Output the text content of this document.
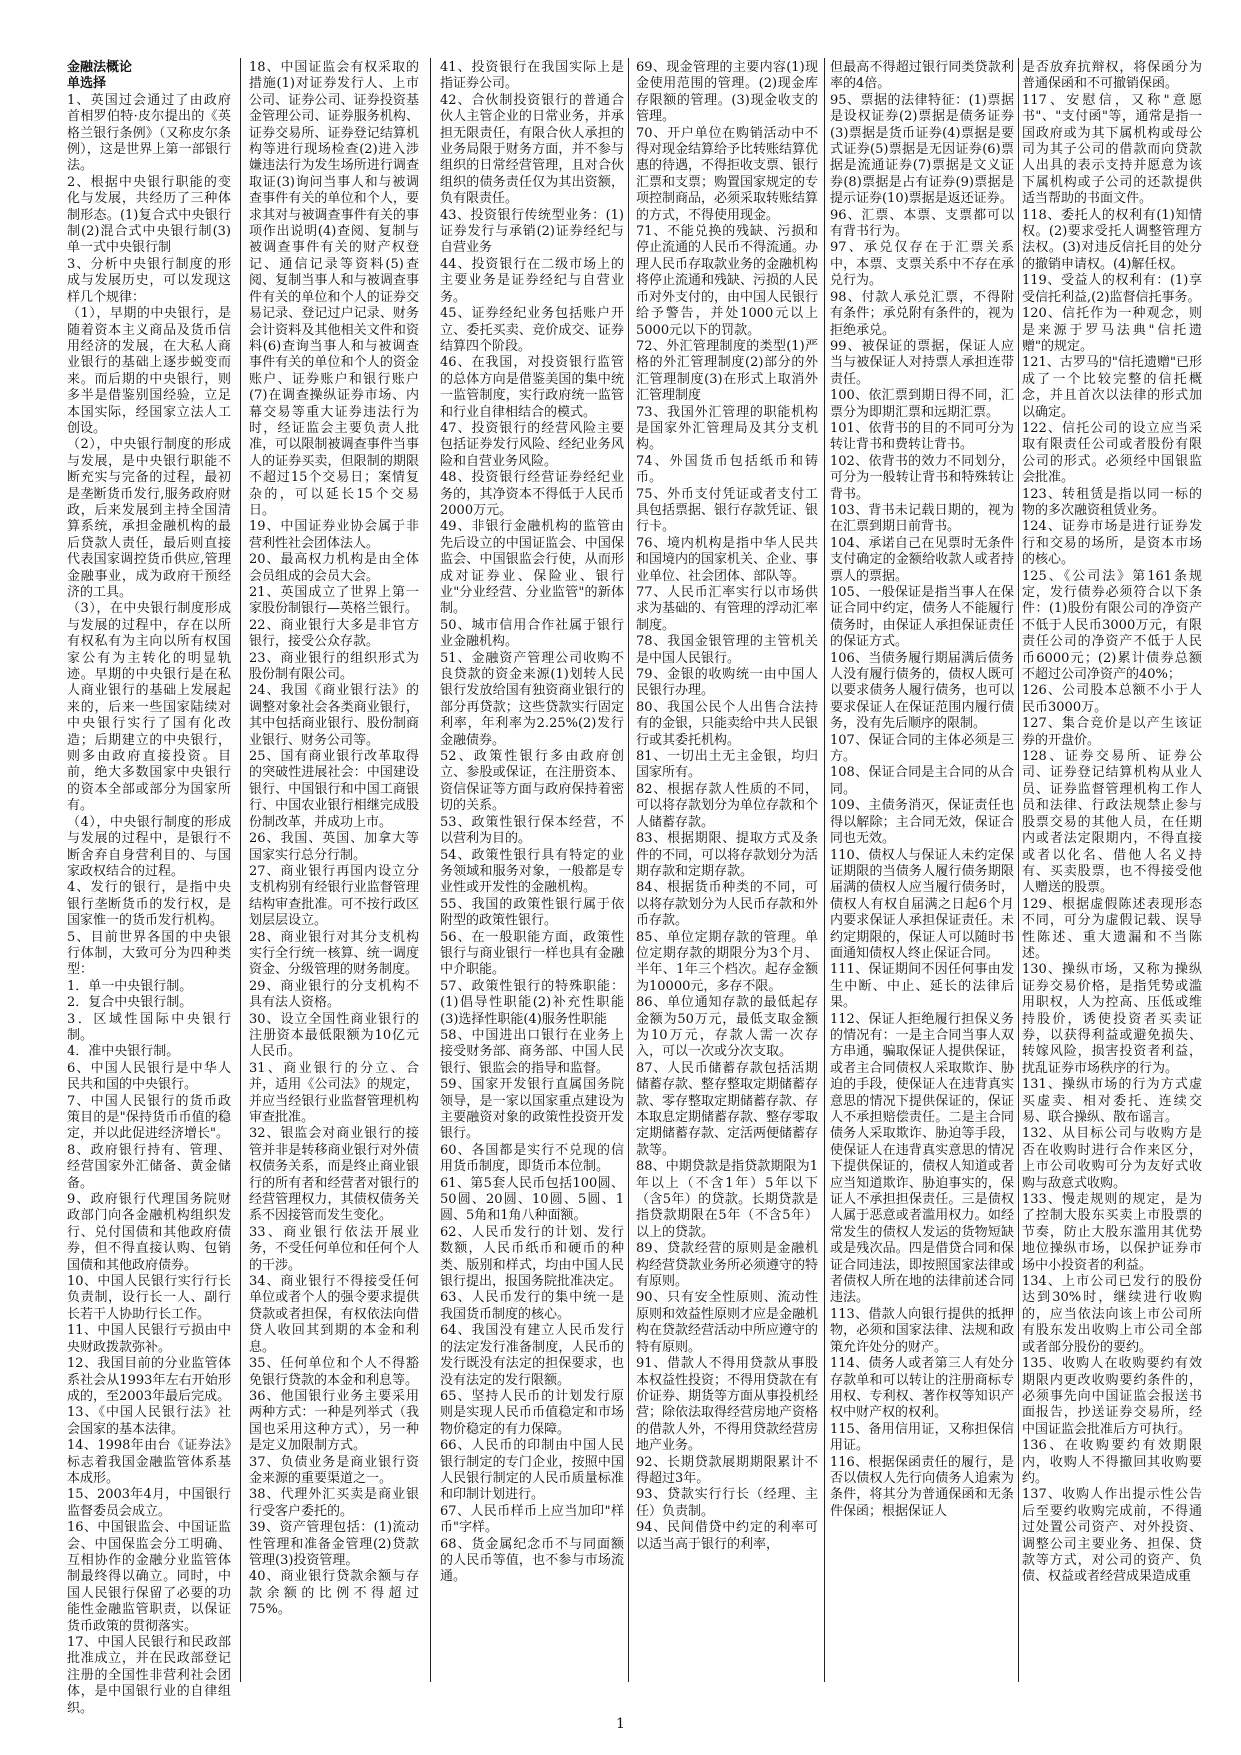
金融法概论

单选择

1、英国过会通过了由政府首相罗伯特·皮尔提出的《英格兰银行条例》（又称皮尔条例），这是世界上第一部银行法。

2、根据中央银行职能的变化与发展，共经历了三种体制形态。(1)复合式中央银行制(2)混合式中央银行制(3)单一式中央银行制

3、分析中央银行制度的形成与发展历史，可以发现这样几个规律：

（1），早期的中央银行，是随着资本主义商品及货币信用经济的发展，在大私人商业银行的基础上逐步蜕变而来。而后期的中央银行，则多半是借鉴别国经验，立足本国实际，经国家立法人工创设。

（2），中央银行制度的形成与发展，是中央银行职能不断充实与完备的过程，最初是垄断货币发行,服务政府财政，后来发展到主持全国清算系统，承担金融机构的最后贷款人责任，最后则直接代表国家调控货币供应,管理金融事业，成为政府干预经济的工具。

（3），在中央银行制度形成与发展的过程中，存在以所有权私有为主向以所有权国家公有为主转化的明显轨迹。早期的中央银行是在私人商业银行的基础上发展起来的，后来一些国家陆续对中央银行实行了国有化改造；后期建立的中央银行，则多由政府直接投资。目前，绝大多数国家中央银行的资本全部或部分为国家所有。

（4），中央银行制度的形成与发展的过程中，是银行不断舍弃自身营利目的、与国家政权结合的过程。

4、发行的银行，是指中央银行垄断货币的发行权，是国家惟一的货币发行机构。

5、目前世界各国的中央银行体制，大致可分为四种类型：

1．单一中央银行制。

2．复合中央银行制。

3．区域性国际中央银行制。

4．准中央银行制。

6、中国人民银行是中华人民共和国的中央银行。

7、中国人民银行的货币政策目的是"保持货币币值的稳定，并以此促进经济增长"。

8、政府银行持有、管理、经营国家外汇储备、黄金储备。

9、政府银行代理国务院财政部门向各金融机构组织发行、兑付国债和其他政府债券，但不得直接认购、包销国债和其他政府债券。

10、中国人民银行实行行长负责制，设行长一人、副行长若干人协助行长工作。

11、中国人民银行亏损由中央财政拨款弥补。

12、我国目前的分业监管体系社会从1993年左右开始形成的，至2003年最后完成。

13、《中国人民银行法》社会国家的基本法律。

14、1998年由台《证券法》标志着我国金融监管体系基本成形。

15、2003年4月，中国银行监督委员会成立。

16、中国银监会、中国证监会、中国保监会分工明确、互相协作的金融分业监管体制最终得以确立。同时，中国人民银行保留了必要的功能性金融监管职责，以保证货币政策的贯彻落实。

17、中国人民银行和民政部批准成立，并在民政部登记注册的全国性非营利社会团体，是中国银行业的自律组织。

18、中国证监会有权采取的措施(1)对证券发行人、上市公司、证券公司、证券投资基金管理公司、证券服务机构、证券交易所、证券登记结算机构等进行现场检查(2)进入涉嫌违法行为发生场所进行调查取证(3)询问当事人和与被调查事件有关的单位和个人，要求其对与被调查事件有关的事项作出说明(4)查阅、复制与被调查事件有关的财产权登记、通信记录等资料(5)查阅、复制当事人和与被调查事件有关的单位和个人的证券交易记录、登记过户记录、财务会计资料及其他相关文件和资料(6)查询当事人和与被调查事件有关的单位和个人的资金账户、证券账户和银行账户(7)在调查操纵证券市场、内幕交易等重大证券违法行为时，经证监会主要负责人批准，可以限制被调查事件当事人的证券买卖，但限制的期限不超过15个交易日；案情复杂的，可以延长15个交易日。

19、中国证券业协会属于非营利性社会团体法人。

20、最高权力机构是由全体会员组成的会员大会。

21、英国成立了世界上第一家股份制银行—英格兰银行。

22、商业银行大多是非官方银行，接受公众存款。

23、商业银行的组织形式为股份制有限公司。

24、我国《商业银行法》的调整对象社会各类商业银行，其中包括商业银行、股份制商业银行、财务公司等。

25、国有商业银行改革取得的突破性进展社会：中国建设银行、中国银行和中国工商银行、中国农业银行相继完成股份制改革，并成功上市。

26、我国、英国、加拿大等国家实行总分行制。

27、商业银行再国内设立分支机构别有经银行业监督管理结构审查批准。可不按行政区划层层设立。

28、商业银行对其分支机构实行全行统一核算、统一调度资金、分级管理的财务制度。

29、商业银行的分支机构不具有法人资格。

30、设立全国性商业银行的注册资本最低限额为10亿元人民币。

31、商业银行的分立、合并，适用《公司法》的规定，并应当经银行业监督管理机构审查批准。

32、银监会对商业银行的接管并非是转移商业银行对外债权债务关系，而是终止商业银行的所有者和经营者对银行的经营管理权力，其债权债务关系不因接管而发生变化。

33、商业银行依法开展业务，不受任何单位和任何个人的干涉。

34、商业银行不得接受任何单位或者个人的强令要求提供贷款或者担保，有权依法向借贷人收回其到期的本金和利息。

35、任何单位和个人不得豁免银行贷款的本金和利息等。

36、他国银行业务主要采用两种方式：一种是列举式（我国也采用这种方式），另一种是定义加限制方式。

37、负债业务是商业银行资金来源的重要渠道之一。

38、代理外汇买卖是商业银行受客户委托的。

39、资产管理包括：(1)流动性管理和准备金管理(2)贷款管理(3)投资管理。

40、商业银行贷款余额与存款余额的比例不得超过75%。

41、投资银行在我国实际上是指证券公司。

42、合伙制投资银行的普通合伙人主管企业的日常业务，并承担无限责任，有限合伙人承担的业务局限于财务方面，并不参与组织的日常经营管理，且对合伙组织的债务责任仅为其出资额，负有限责任。

43、投资银行传统型业务：(1)证券发行与承销(2)证券经纪与自营业务

44、投资银行在二级市场上的主要业务是证券经纪与自营业务。

45、证券经纪业务包括账户开立、委托买卖、竞价成交、证券结算四个阶段。

46、在我国，对投资银行监管的总体方向是借鉴美国的集中统一监管制度，实行政府统一监管和行业自律相结合的模式。

47、投资银行的经营风险主要包括证券发行风险、经纪业务风险和自营业务风险。

48、投资银行经营证券经纪业务的，其净资本不得低于人民币2000万元。

49、非银行金融机构的监管由先后设立的中国证监会、中国保监会、中国银监会行使，从而形成对证券业、保险业、银行业"分业经营、分业监管"的新体制。

50、城市信用合作社属于银行业金融机构。

51、金融资产管理公司收购不良贷款的资金来源(1)划转人民银行发放给国有独资商业银行的部分再贷款；这些贷款实行固定利率，年利率为2.25%(2)发行金融债券。

52、政策性银行多由政府创立、参股或保证，在注册资本、资信保证等方面与政府保持着密切的关系。

53、政策性银行保本经营，不以营利为目的。

54、政策性银行具有特定的业务领域和服务对象，一般都是专业性或开发性的金融机构。

55、我国的政策性银行属于依附型的政策性银行。

56、在一般职能方面，政策性银行与商业银行一样也具有金融中介职能。

57、政策性银行的特殊职能：(1)倡导性职能(2)补充性职能(3)选择性职能(4)服务性职能

58、中国进出口银行在业务上接受财务部、商务部、中国人民银行、银监会的指导和监督。

59、国家开发银行直属国务院领导，是一家以国家重点建设为主要融资对象的政策性投资开发银行。

60、各国都是实行不兑现的信用货币制度，即货币本位制。

61、第5套人民币包括100圆、50圆、20圆、10圆、5圆、1圆、5角和1角八种面额。

62、人民币发行的计划、发行数额，人民币纸币和硬币的种类、版别和样式，均由中国人民银行提出，报国务院批准决定。

63、人民币发行的集中统一是我国货币制度的核心。

64、我国没有建立人民币发行的法定发行准备制度，人民币的发行既没有法定的担保要求，也没有法定的发行限额。

65、坚持人民币的计划发行原则是实现人民币币值稳定和市场物价稳定的有力保障。

66、人民币的印制由中国人民银行制定的专门企业，按照中国人民银行制定的人民币质量标准和印制计划进行。

67、人民币样币上应当加印"样币"字样。

68、货金属纪念币不与同面额的人民币等值，也不参与市场流通。

69、现金管理的主要内容(1)现金使用范围的管理。(2)现金库存限额的管理。(3)现金收支的管理。

70、开户单位在购销活动中不得对现金结算给予比转账结算优惠的待遇，不得拒收支票、银行汇票和支票；购置国家规定的专项控制商品，必须采取转账结算的方式，不得使用现金。

71、不能兑换的残缺、污损和停止流通的人民币不得流通。办理人民币存取款业务的金融机构将停止流通和残缺、污损的人民币对外支付的，由中国人民银行给予警告，并处1000元以上5000元以下的罚款。

72、外汇管理制度的类型(1)严格的外汇管理制度(2)部分的外汇管理制度(3)在形式上取消外汇管理制度

73、我国外汇管理的职能机构是国家外汇管理局及其分支机构。

74、外国货币包括纸币和铸币。

75、外币支付凭证或者支付工具包括票据、银行存款凭证、银行卡。

76、境内机构是指中华人民共和国境内的国家机关、企业、事业单位、社会团体、部队等。

77、人民币汇率实行以市场供求为基础的、有管理的浮动汇率制度。

78、我国金银管理的主管机关是中国人民银行。

79、金银的收购统一由中国人民银行办理。

80、我国公民个人出售合法持有的金银，只能卖给中共人民银行或其委托机构。

81、一切出土无主金银，均归国家所有。

82、根据存款人性质的不同，可以将存款划分为单位存款和个人储蓄存款。

83、根据期限、提取方式及条件的不同，可以将存款划分为活期存款和定期存款。

84、根据货币种类的不同，可以将存款划分为人民币存款和外币存款。

85、单位定期存款的管理。单位定期存款的期限分为3个月、半年、1年三个档次。起存金额为10000元，多存不限。

86、单位通知存款的最低起存金额为50万元，最低支取金额为10万元，存款人需一次存入，可以一次或分次支取。

87、人民币储蓄存款包括活期储蓄存款、整存整取定期储蓄存款、零存整取定期储蓄存款、存本取息定期储蓄存款、整存零取定期储蓄存款、定活两便储蓄存款等。

88、中期贷款是指贷款期限为1年以上（不含1年）5年以下（含5年）的贷款。长期贷款是指贷款期限在5年（不含5年）以上的贷款。

89、贷款经营的原则是金融机构经营贷款业务所必须遵守的特有原则。

90、只有安全性原则、流动性原则和效益性原则才应是金融机构在贷款经营活动中所应遵守的特有原则。

91、借款人不得用贷款从事股本权益性投资；不得用贷款在有价证券、期货等方面从事投机经营；除依法取得经营房地产资格的借款人外，不得用贷款经营房地产业务。

92、长期贷款展期期限累计不得超过3年。

93、贷款实行行长（经理、主任）负责制。

94、民间借贷中约定的利率可以适当高于银行的利率，

但最高不得超过银行同类贷款利率的4倍。

95、票据的法律特征：(1)票据是设权证券(2)票据是债务证券(3)票据是货币证券(4)票据是要式证券(5)票据是无因证券(6)票据是流通证券(7)票据是文义证券(8)票据是占有证券(9)票据是提示证券(10)票据是返还证券。

96、汇票、本票、支票都可以有背书行为。

97、承兑仅存在于汇票关系中，本票、支票关系中不存在承兑行为。

98、付款人承兑汇票，不得附有条件；承兑附有条件的，视为拒绝承兑。

99、被保证的票据，保证人应当与被保证人对持票人承担连带责任。

100、依汇票到期日得不同，汇票分为即期汇票和远期汇票。

101、依背书的目的不同可分为转让背书和费转让背书。

102、依背书的效力不同划分，可分为一般转让背书和特殊转让背书。

103、背书未记载日期的，视为在汇票到期日前背书。

104、承诺自己在见票时无条件支付确定的金额给收款人或者持票人的票据。

105、一般保证是指当事人在保证合同中约定，债务人不能履行债务时，由保证人承担保证责任的保证方式。

106、当债务履行期届满后债务人没有履行债务的，债权人既可以要求债务人履行债务，也可以要求保证人在保证范围内履行债务，没有先后顺序的限制。

107、保证合同的主体必须是三方。

108、保证合同是主合同的从合同。

109、主债务消灭，保证责任也得以解除；主合同无效，保证合同也无效。

110、债权人与保证人未约定保证期限的当债务人履行债务期限届满的债权人应当履行债务时，债权人有权自届满之日起6个月内要求保证人承担保证责任。未约定期限的，保证人可以随时书面通知债权人终止保证合同。

111、保证期间不因任何事由发生中断、中止、延长的法律后果。

112、保证人拒绝履行担保义务的情况有：一是主合同当事人双方串通，骗取保证人提供保证，或者主合同债权人采取欺诈、胁迫的手段，使保证人在违背真实意思的情况下提供保证的，保证人不承担赔偿责任。二是主合同债务人采取欺诈、胁迫等手段，使保证人在违背真实意思的情况下提供保证的，债权人知道或者应当知道欺诈、胁迫事实的，保证人不承担担保责任。三是债权人属于恶意或者滥用权力。如经常发生的债权人发运的货物短缺或是残次品。四是借贷合同和保证合同违法，即按照国家法律或者债权人所在地的法律前述合同违法。

113、借款人向银行提供的抵押物，必须和国家法律、法规和政策允许处分的财产。

114、债务人或者第三人有处分存款单和可以转让的注册商标专用权、专利权、著作权等知识产权中财产权的权利。

115、备用信用证，又称担保信用证。

116、根据保函责任的履行，是否以债权人先行向债务人追索为条件，将其分为普通保函和无条件保函；根据保证人

是否放弃抗辩权，将保函分为普通保函和不可撤销保函。

117、安慰信，又称"意愿书"、"支付函"等，通常是指一国政府或为其下属机构或母公司为其子公司的借款而向贷款人出具的表示支持并愿意为该下属机构或子公司的还款提供适当帮助的书面文件。

118、委托人的权利有(1)知情权。(2)要求受托人调整管理方法权。(3)对违反信托目的处分的撤销申请权。(4)解任权。

119、受益人的权利有：(1)享受信托利益,(2)监督信托事务。

120、信托作为一种观念，则是来源于罗马法典"信托遗赠"的规定。

121、古罗马的"信托遗赠"已形成了一个比较完整的信托概念，并且首次以法律的形式加以确定。

122、信托公司的设立应当采取有限责任公司或者股份有限公司的形式。必须经中国银监会批准。

123、转租赁是指以同一标的物的多次融资租赁业务。

124、证券市场是进行证券发行和交易的场所，是资本市场的核心。

125、《公司法》第161条规定，发行债券必须符合以下条件：(1)股份有限公司的净资产不低于人民币3000万元，有限责任公司的净资产不低于人民币6000元；(2)累计债券总额不超过公司净资产的40%；

126、公司股本总额不小于人民币3000万。

127、集合竞价是以产生该证券的开盘价。

128、证券交易所、证券公司、证券登记结算机构从业人员、证券监督管理机构工作人员和法律、行政法规禁止参与股票交易的其他人员，在任期内或者法定限期内，不得直接或者以化名、借他人名义持有、买卖股票，也不得接受他人赠送的股票。

129、根据虚假陈述表现形态不同，可分为虚假记载、误导性陈述、重大遗漏和不当陈述。

130、操纵市场，又称为操纵证券交易价格，是指凭势或滥用职权，人为控高、压低或维持股价，诱使投资者买卖证券，以获得利益或避免损失、转嫁风险，损害投资者利益，扰乱证券市场秩序的行为。

131、操纵市场的行为方式虚买虚卖、相对委托、连续交易、联合操纵、散布谣言。

132、从目标公司与收购方是否在收购时进行合作来区分，上市公司收购可分为友好式收购与敌意式收购。

133、慢走规则的规定，是为了控制大股东买卖上市股票的节奏，防止大股东滥用其优势地位操纵市场，以保护证券市场中小投资者的利益。

134、上市公司已发行的股份达到30%时，继续进行收购的，应当依法向该上市公司所有股东发出收购上市公司全部或者部分股份的要约。

135、收购人在收购要约有效期限内更改收购要约条件的，必须事先向中国证监会报送书面报告，抄送证券交易所，经中国证监会批准后方可执行。

136、在收购要约有效期限内，收购人不得撤回其收购要约。

137、收购人作出提示性公告后至要约收购完成前，不得通过处置公司资产、对外投资、调整公司主要业务、担保、贷款等方式，对公司的资产、负债、权益或者经营成果造成重

1
